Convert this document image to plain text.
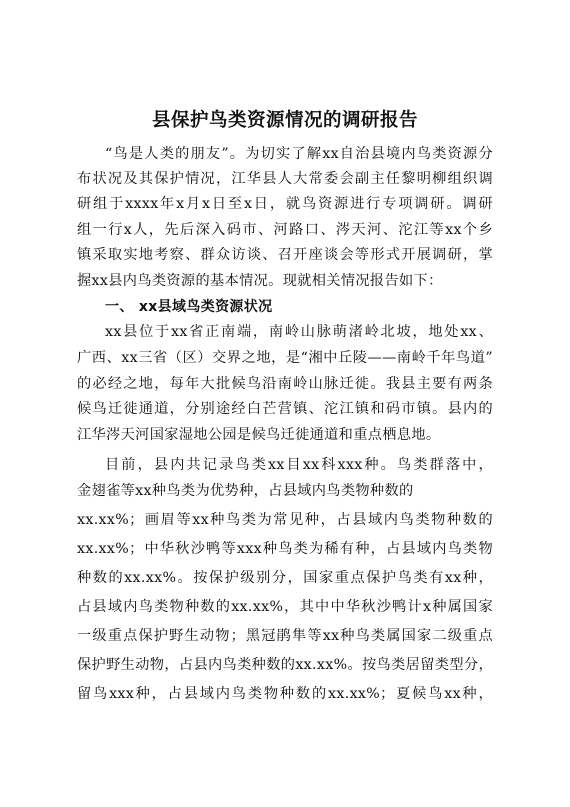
县保护鸟类资源情况的调研报告
“鸟是人类的朋友”。为切实了解xx自治县境内鸟类资源分
布状况及其保护情况，江华县人大常委会副主任黎明柳组织调
研组于xxxx年x月x日至x日，就鸟资源进行专项调研。调研
组一行x人，先后深入码市、河路口、涔天河、沱江等xx个乡
镇采取实地考察、群众访谈、召开座谈会等形式开展调研，掌
握xx县内鸟类资源的基本情况。现就相关情况报告如下：
一、 xx县域鸟类资源状况
xx县位于xx省正南端，南岭山脉萌渚岭北坡，地处xx、
广西、xx三省（区）交界之地，是“湘中丘陵——南岭千年鸟道”
的必经之地，每年大批候鸟沿南岭山脉迁徙。我县主要有两条
候鸟迁徙通道，分别途经白芒营镇、沱江镇和码市镇。县内的
江华涔天河国家湿地公园是候鸟迁徙通道和重点栖息地。
目前，县内共记录鸟类xx目xx科xxx种。鸟类群落中，
金翅雀等xx种鸟类为优势种，占县域内鸟类物种数的
xx.xx%；画眉等xx种鸟类为常见种，占县域内鸟类物种数的
xx.xx%；中华秋沙鸭等xxx种鸟类为稀有种，占县域内鸟类物
种数的xx.xx%。按保护级别分，国家重点保护鸟类有xx种，
占县域内鸟类物种数的xx.xx%，其中中华秋沙鸭计x种属国家
一级重点保护野生动物；黑冠鹃隼等xx种鸟类属国家二级重点
保护野生动物，占县内鸟类种数的xx.xx%。按鸟类居留类型分，
留鸟xxx种，占县域内鸟类物种数的xx.xx%；夏候鸟xx种，
